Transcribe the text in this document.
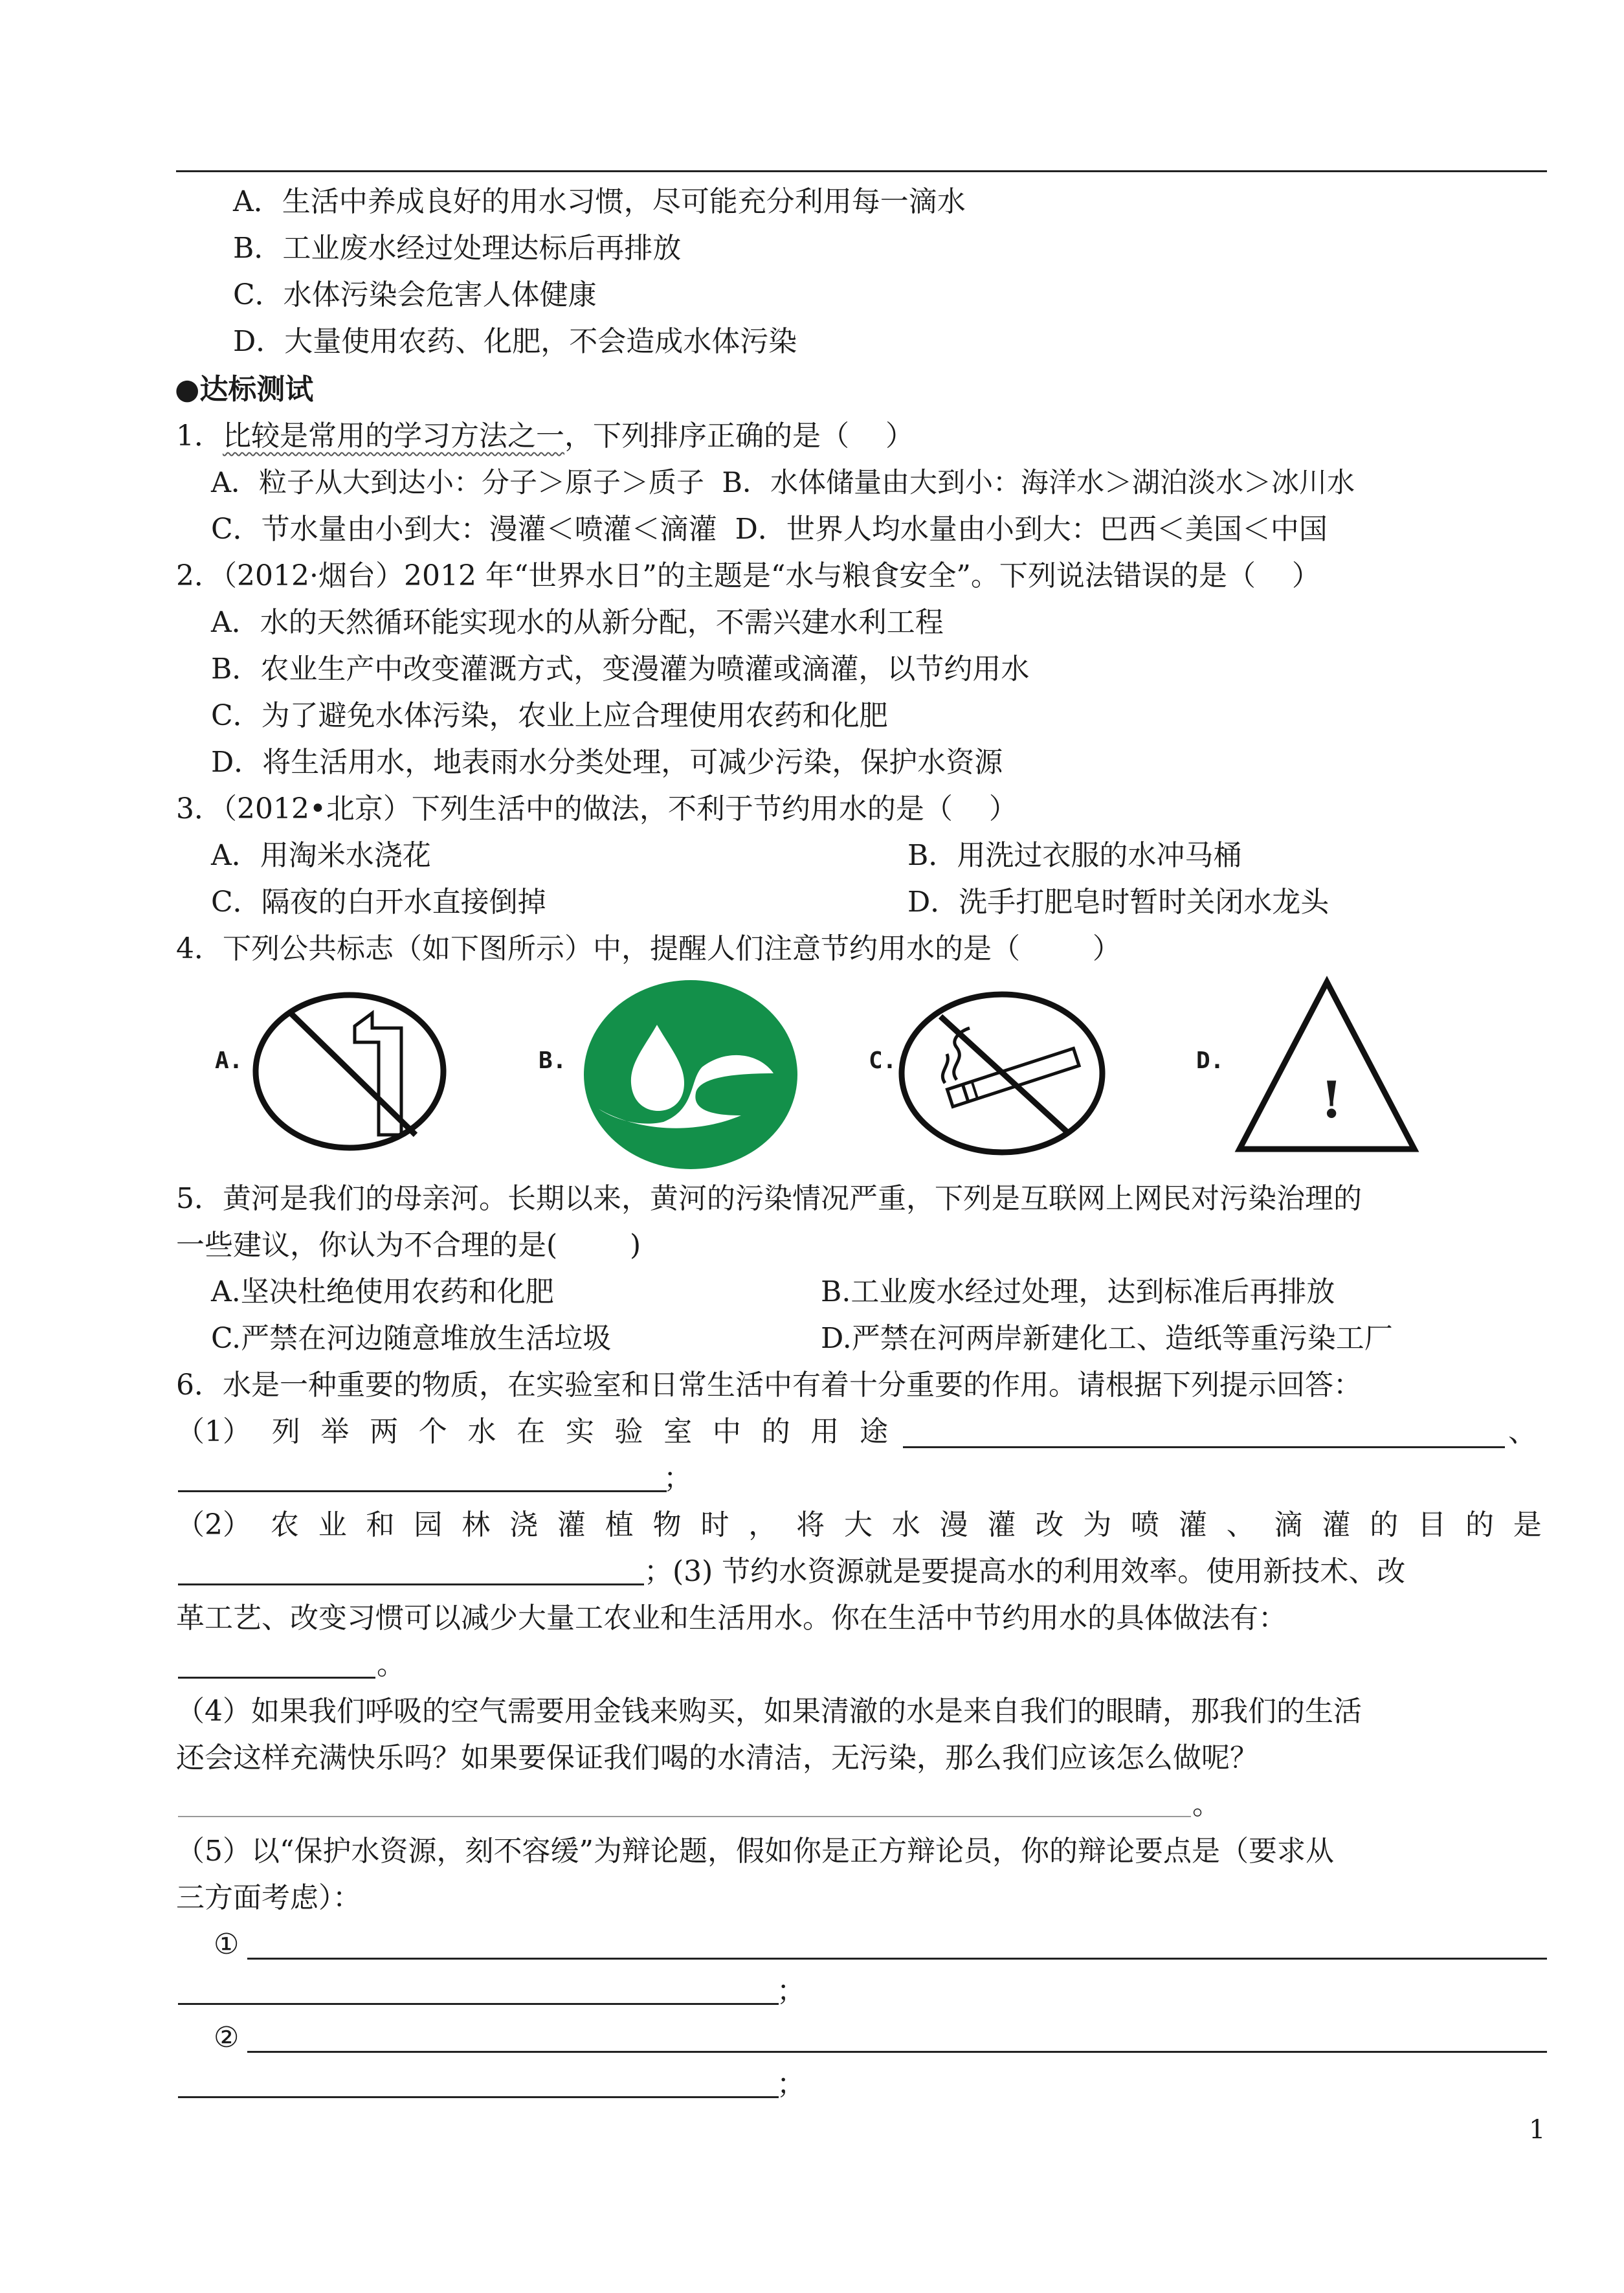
A．生活中养成良好的用水习惯，尽可能充分利用每一滴水
B．工业废水经过处理达标后再排放
C．水体污染会危害人体健康
D．大量使用农药、化肥，不会造成水体污染
●达标测试
1．比较是常用的学习方法之一，下列排序正确的是（    ）
A．粒子从大到达小：分子＞原子＞质子  B．水体储量由大到小：海洋水＞湖泊淡水＞冰川水
C．节水量由小到大：漫灌＜喷灌＜滴灌  D．世界人均水量由小到大：巴西＜美国＜中国
2．（2012·烟台）2012 年“世界水日”的主题是“水与粮食安全”。下列说法错误的是（    ）
A．水的天然循环能实现水的从新分配，不需兴建水利工程
B．农业生产中改变灌溉方式，变漫灌为喷灌或滴灌，以节约用水
C．为了避免水体污染，农业上应合理使用农药和化肥
D．将生活用水，地表雨水分类处理，可减少污染，保护水资源
3．（2012•北京）下列生活中的做法，不利于节约用水的是（    ）
A．用淘米水浇花	B．用洗过衣服的水冲马桶
C．隔夜的白开水直接倒掉	D．洗手打肥皂时暂时关闭水龙头
4．下列公共标志（如下图所示）中，提醒人们注意节约用水的是（        ）
A.	B.	C.	D.
!
5．黄河是我们的母亲河。长期以来，黄河的污染情况严重，下列是互联网上网民对污染治理的
一些建议，你认为不合理的是(        )
A.坚决杜绝使用农药和化肥	B.工业废水经过处理，达到标准后再排放
C.严禁在河边随意堆放生活垃圾	D.严禁在河两岸新建化工、造纸等重污染工厂
6．水是一种重要的物质，在实验室和日常生活中有着十分重要的作用。请根据下列提示回答：
（1） 列 举 两 个 水 在 实 验 室 中 的 用 途	、
；
（2） 农 业 和 园 林 浇 灌 植 物 时 ， 将 大 水 漫 灌 改 为 喷 灌 、 滴 灌 的 目 的 是
；(3) 节约水资源就是要提高水的利用效率。使用新技术、改
革工艺、改变习惯可以减少大量工农业和生活用水。你在生活中节约用水的具体做法有：
。
（4）如果我们呼吸的空气需要用金钱来购买，如果清澈的水是来自我们的眼睛，那我们的生活
还会这样充满快乐吗？如果要保证我们喝的水清洁，无污染，那么我们应该怎么做呢？
。
（5）以“保护水资源，刻不容缓”为辩论题，假如你是正方辩论员，你的辩论要点是（要求从
三方面考虑）：
①
；
②
；
1
